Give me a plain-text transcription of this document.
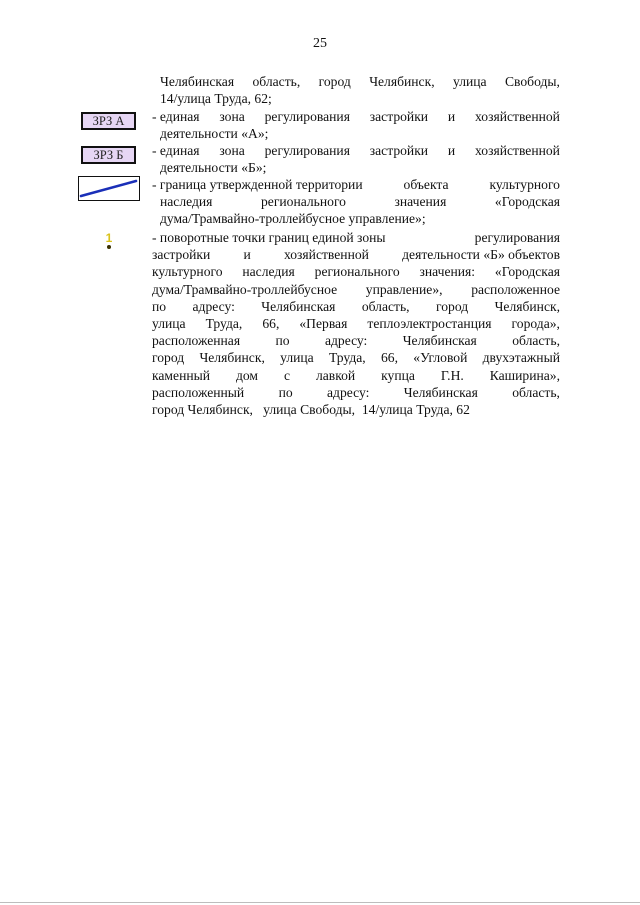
25
Челябинская область, город Челябинск, улица Свободы,
14/улица Труда, 62;
ЗРЗ А	- единая зона регулирования застройки и хозяйственной
деятельности «А»;
ЗРЗ Б	- единая зона регулирования застройки и хозяйственной
деятельности «Б»;
- граница утвержденной территории	объекта	культурного
наследия	регионального	значения	«Городская
дума/Трамвайно-троллейбусное управление»;
1	- поворотные точки границ единой зоны	регулирования
застройки и хозяйственной деятельности «Б» объектов
культурного наследия регионального значения: «Городская
дума/Трамвайно-троллейбусное управление», расположенное
по адресу: Челябинская область, город Челябинск,
улица Труда, 66, «Первая теплоэлектростанция города»,
расположенная	по	адресу:	Челябинская	область,
город Челябинск, улица Труда, 66, «Угловой двухэтажный
каменный дом с лавкой купца Г.Н. Каширина»,
расположенный	по	адресу:	Челябинская	область,
город Челябинск,   улица Свободы,  14/улица Труда, 62
